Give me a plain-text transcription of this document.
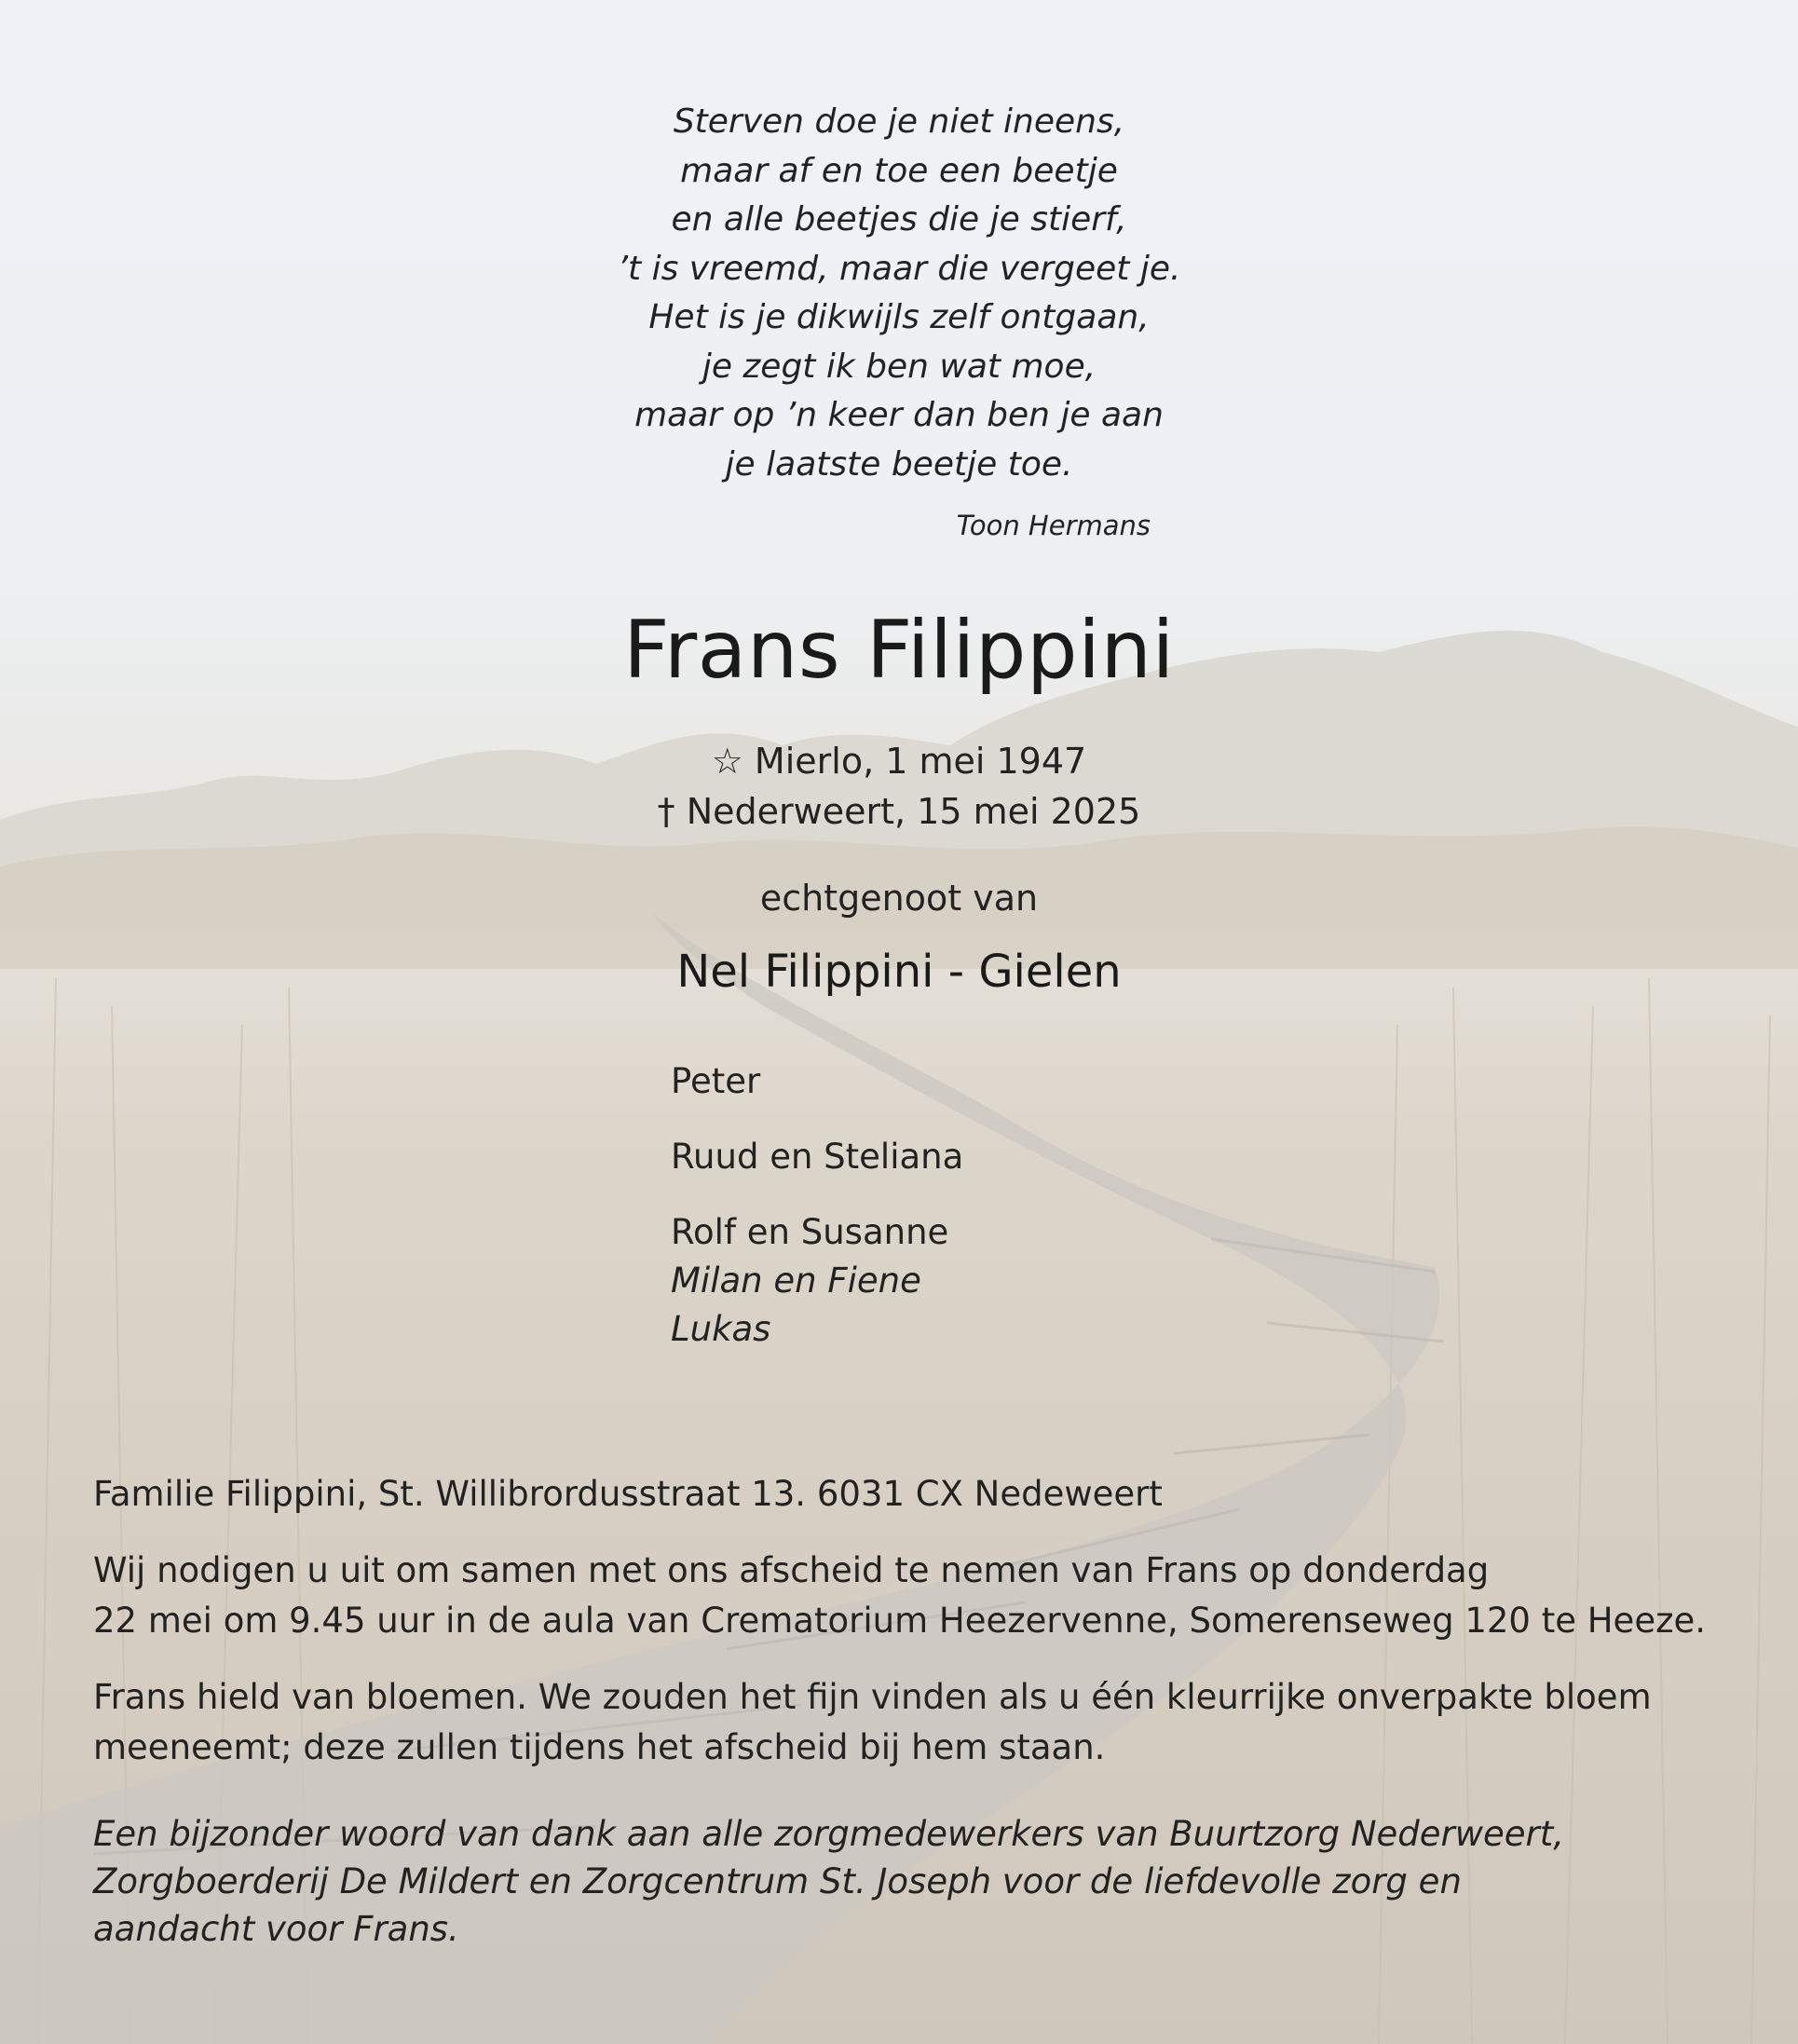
Sterven doe je niet ineens,
maar af en toe een beetje
en alle beetjes die je stierf,
’t is vreemd, maar die vergeet je.
Het is je dikwijls zelf ontgaan,
je zegt ik ben wat moe,
maar op ’n keer dan ben je aan
je laatste beetje toe.
Toon Hermans
Frans Filippini
☆ Mierlo, 1 mei 1947
† Nederweert, 15 mei 2025
echtgenoot van
Nel Filippini - Gielen

Peter

Ruud en Steliana

Rolf en Susanne

Milan en Fiene

Lukas

Familie Filippini, St. Willibrordusstraat 13. 6031 CX Nedeweert

Wij nodigen u uit om samen met ons afscheid te nemen van Frans op donderdag
22 mei om 9.45 uur in de aula van Crematorium Heezervenne, Somerenseweg 120 te Heeze.

Frans hield van bloemen. We zouden het fijn vinden als u één kleurrijke onverpakte bloem
meeneemt; deze zullen tijdens het afscheid bij hem staan.

Een bijzonder woord van dank aan alle zorgmedewerkers van Buurtzorg Nederweert,
Zorgboerderij De Mildert en Zorgcentrum St. Joseph voor de liefdevolle zorg en
aandacht voor Frans.
